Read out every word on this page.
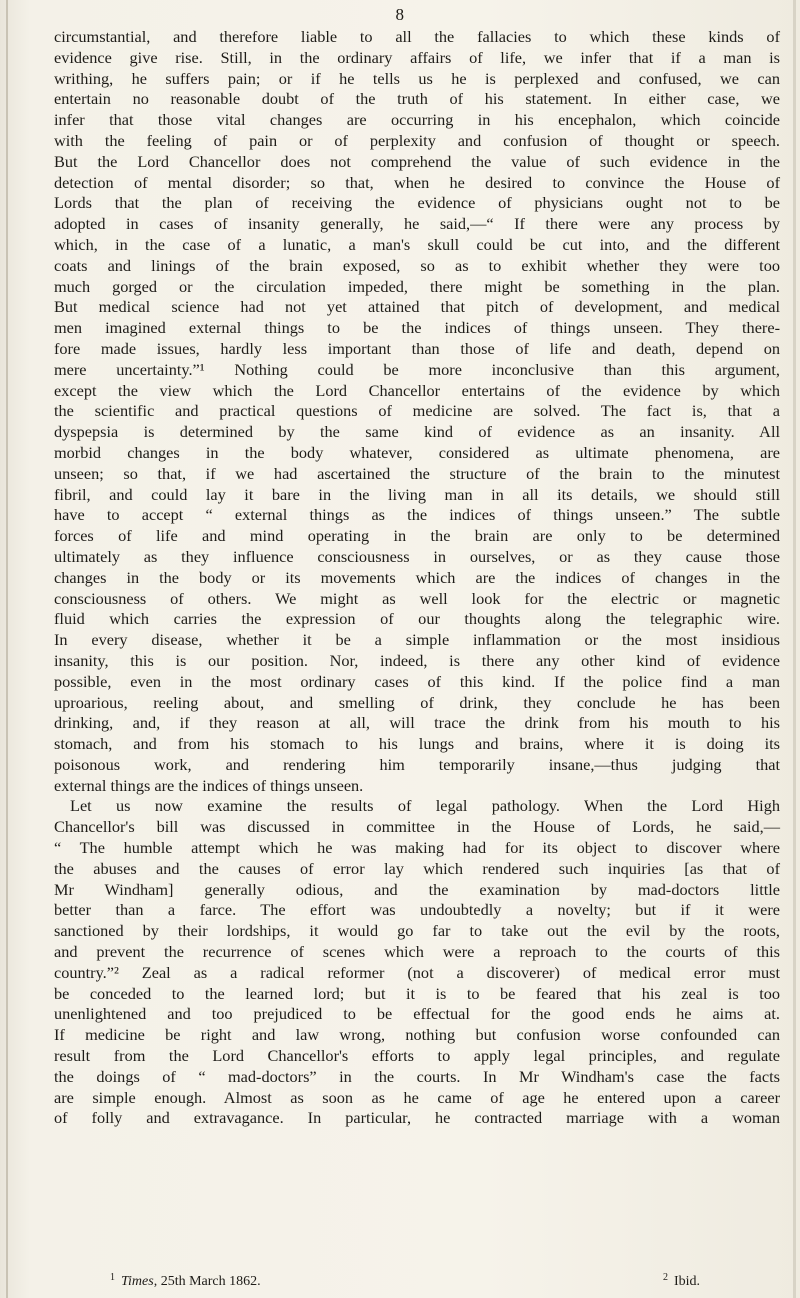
8

circumstantial, and therefore liable to all the fallacies to which these kinds of

evidence give rise. Still, in the ordinary affairs of life, we infer that if a man is

writhing, he suffers pain; or if he tells us he is perplexed and confused, we can

entertain no reasonable doubt of the truth of his statement. In either case, we

infer that those vital changes are occurring in his encephalon, which coincide

with the feeling of pain or of perplexity and confusion of thought or speech.

But the Lord Chancellor does not comprehend the value of such evidence in the

detection of mental disorder; so that, when he desired to convince the House of

Lords that the plan of receiving the evidence of physicians ought not to be

adopted in cases of insanity generally, he said,—“ If there were any process by

which, in the case of a lunatic, a man's skull could be cut into, and the different

coats and linings of the brain exposed, so as to exhibit whether they were too

much gorged or the circulation impeded, there might be something in the plan.

But medical science had not yet attained that pitch of development, and medical

men imagined external things to be the indices of things unseen. They there-

fore made issues, hardly less important than those of life and death, depend on

mere uncertainty.”¹ Nothing could be more inconclusive than this argument,

except the view which the Lord Chancellor entertains of the evidence by which

the scientific and practical questions of medicine are solved. The fact is, that a

dyspepsia is determined by the same kind of evidence as an insanity. All

morbid changes in the body whatever, considered as ultimate phenomena, are

unseen; so that, if we had ascertained the structure of the brain to the minutest

fibril, and could lay it bare in the living man in all its details, we should still

have to accept “ external things as the indices of things unseen.” The subtle

forces of life and mind operating in the brain are only to be determined

ultimately as they influence consciousness in ourselves, or as they cause those

changes in the body or its movements which are the indices of changes in the

consciousness of others. We might as well look for the electric or magnetic

fluid which carries the expression of our thoughts along the telegraphic wire.

In every disease, whether it be a simple inflammation or the most insidious

insanity, this is our position. Nor, indeed, is there any other kind of evidence

possible, even in the most ordinary cases of this kind. If the police find a man

uproarious, reeling about, and smelling of drink, they conclude he has been

drinking, and, if they reason at all, will trace the drink from his mouth to his

stomach, and from his stomach to his lungs and brains, where it is doing its

poisonous work, and rendering him temporarily insane,—thus judging that

external things are the indices of things unseen.

Let us now examine the results of legal pathology. When the Lord High

Chancellor's bill was discussed in committee in the House of Lords, he said,—

“ The humble attempt which he was making had for its object to discover where

the abuses and the causes of error lay which rendered such inquiries [as that of

Mr Windham] generally odious, and the examination by mad-doctors little

better than a farce. The effort was undoubtedly a novelty; but if it were

sanctioned by their lordships, it would go far to take out the evil by the roots,

and prevent the recurrence of scenes which were a reproach to the courts of this

country.”² Zeal as a radical reformer (not a discoverer) of medical error must

be conceded to the learned lord; but it is to be feared that his zeal is too

unenlightened and too prejudiced to be effectual for the good ends he aims at.

If medicine be right and law wrong, nothing but confusion worse confounded can

result from the Lord Chancellor's efforts to apply legal principles, and regulate

the doings of “ mad-doctors” in the courts. In Mr Windham's case the facts

are simple enough. Almost as soon as he came of age he entered upon a career

of folly and extravagance. In particular, he contracted marriage with a woman

1 Times, 25th March 1862.	2 Ibid.
